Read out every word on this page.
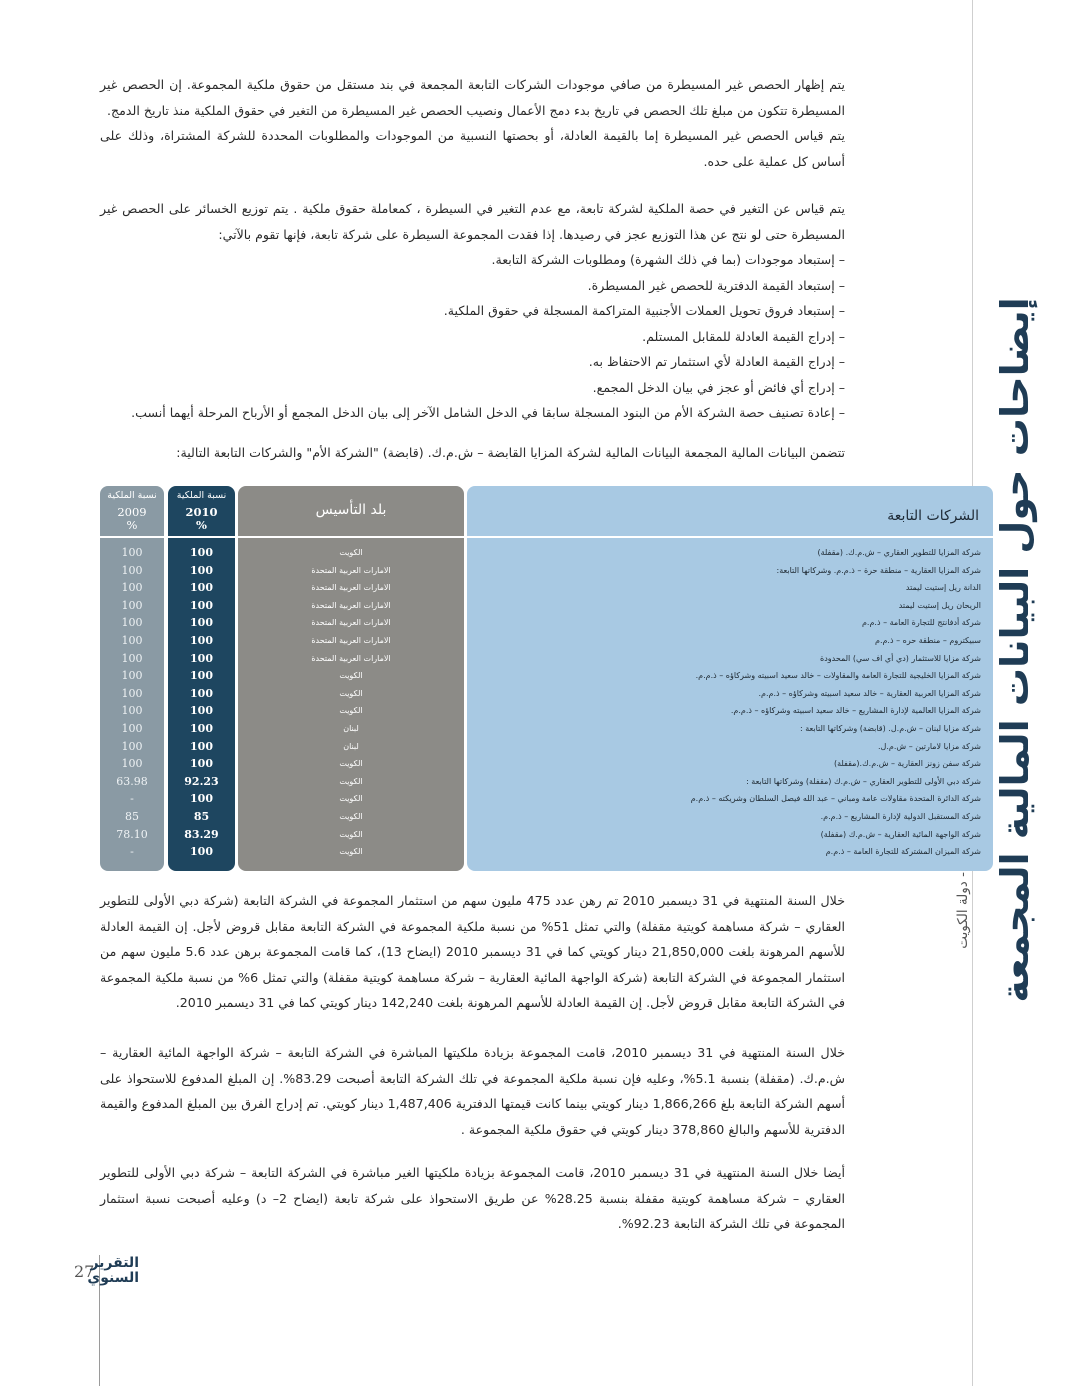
إيضاحات حول البيانات المالية المجمعة

يتم إظهار الحصص غير المسيطرة من صافي موجودات الشركات التابعة المجمعة في بند مستقل من حقوق ملكية المجموعة. إن الحصص غير المسيطرة تتكون من مبلغ تلك الحصص في تاريخ بدء دمج الأعمال ونصيب الحصص غير المسيطرة من التغير في حقوق الملكية منذ تاريخ الدمج.

يتم قياس الحصص غير المسيطرة إما بالقيمة العادلة، أو بحصتها النسبية من الموجودات والمطلوبات المحددة للشركة المشتراة، وذلك على أساس كل عملية على حده.

يتم قياس عن التغير في حصة الملكية لشركة تابعة، مع عدم التغير في السيطرة ، كمعاملة حقوق ملكية . يتم توزيع الخسائر على الحصص غير المسيطرة حتى لو نتج عن هذا التوزيع عجز في رصيدها. إذا فقدت المجموعة السيطرة على شركة تابعة، فإنها تقوم بالآتي:

– إستبعاد موجودات (بما في ذلك الشهرة) ومطلوبات الشركة التابعة.
– إستبعاد القيمة الدفترية للحصص غير المسيطرة.
– إستبعاد فروق تحويل العملات الأجنبية المتراكمة المسجلة في حقوق الملكية.
– إدراج القيمة العادلة للمقابل المستلم.
– إدراج القيمة العادلة لأي استثمار تم الاحتفاظ به.
– إدراج أي فائض أو عجز في بيان الدخل المجمع.
– إعادة تصنيف حصة الشركة الأم من البنود المسجلة سابقا في الدخل الشامل الآخر إلى بيان الدخل المجمع أو الأرباح المرحلة أيهما أنسب.

تتضمن البيانات المالية المجمعة البيانات المالية لشركة المزايا القابضة – ش.م.ك. (قابضة) "الشركة الأم" والشركات التابعة التالية:

نسبة الملكية
2009
%
100
100
100
100
100
100
100
100
100
100
100
100
100
63.98
-
85
78.10
-
نسبة الملكية
2010
%
100
100
100
100
100
100
100
100
100
100
100
100
100
92.23
100
85
83.29
100
بلد التأسيس
الكويت
الامارات العربية المتحدة
الامارات العربية المتحدة
الامارات العربية المتحدة
الامارات العربية المتحدة
الامارات العربية المتحدة
الامارات العربية المتحدة
الكويت
الكويت
الكويت
لبنان
لبنان
الكويت
الكويت
الكويت
الكويت
الكويت
الكويت
الشركات التابعة
شركة المزايا للتطوير العقاري – ش.م.ك. (مقفلة)
شركة المزايا العقارية – منطقة حرة – ذ.م.م. وشركاتها التابعة:
الدانة ريل إستيت ليمتد
الريحان ريل إستيت ليمتد
شركة أدفانتج للتجارة العامة – ذ.م.م
سبيكتروم – منطقة حره – ذ.م.م
شركة مزايا للاستثمار (دي أي اف سي) المحدودة
شركة المزايا الخليجية للتجارة العامة والمقاولات – خالد سعيد اسبيته وشركاؤه – ذ.م.م.
شركة المزايا العربية العقارية – خالد سعيد اسبيته وشركاؤه – ذ.م.م.
شركة المزايا العالمية لإدارة المشاريع – خالد سعيد اسبيته وشركاؤه – ذ.م.م.
شركة مزايا لبنان – ش.م.ل. (قابضة) وشركاتها التابعة :
شركة مزايا لامارتين – ش.م.ل.
شركة سفن زونز العقارية – ش.م.ك.(مقفلة)
شركة دبي الأولى للتطوير العقاري – ش.م.ك (مقفلة) وشركاتها التابعة :
شركة الدائرة المتحدة مقاولات عامة ومباني – عبد الله فيصل السلطان وشريكته – ذ.م.م
شركة المستقبل الدولية لإدارة المشاريع – ذ.م.م.
شركة الواجهة المائية العقارية – ش.م.ك (مقفلة)
شركة الميزان المشتركة للتجارة العامة – ذ.م.م

خلال السنة المنتهية في 31 ديسمبر 2010 تم رهن عدد 475 مليون سهم من استثمار المجموعة في الشركة التابعة (شركة دبي الأولى للتطوير العقاري – شركة مساهمة كويتية مقفلة) والتي تمثل 51% من نسبة ملكية المجموعة في الشركة التابعة مقابل قروض لأجل. إن القيمة العادلة للأسهم المرهونة بلغت 21,850,000 دينار كويتي كما في 31 ديسمبر 2010 (ايضاح 13)، كما قامت المجموعة برهن عدد 5.6 مليون سهم من استثمار المجموعة في الشركة التابعة (شركة الواجهة المائية العقارية – شركة مساهمة كويتية مقفلة) والتي تمثل 6% من نسبة ملكية المجموعة في الشركة التابعة مقابل قروض لأجل. إن القيمة العادلة للأسهم المرهونة بلغت 142,240 دينار كويتي كما في 31 ديسمبر 2010.

خلال السنة المنتهية في 31 ديسمبر 2010، قامت المجموعة بزيادة ملكيتها المباشرة في الشركة التابعة – شركة الواجهة المائية العقارية – ش.م.ك. (مقفلة) بنسبة 5.1%، وعليه فإن نسبة ملكية المجموعة في تلك الشركة التابعة أصبحت 83.29%. إن المبلغ المدفوع للاستحواذ على أسهم الشركة التابعة بلغ 1,866,266 دينار كويتي بينما كانت قيمتها الدفترية 1,487,406 دينار كويتي. تم إدراج الفرق بين المبلغ المدفوع والقيمة الدفترية للأسهم والبالغ 378,860 دينار كويتي في حقوق ملكية المجموعة .

أيضا خلال السنة المنتهية في 31 ديسمبر 2010، قامت المجموعة بزيادة ملكيتها الغير مباشرة في الشركة التابعة – شركة دبي الأولى للتطوير العقاري – شركة مساهمة كويتية مقفلة بنسبة 28.25% عن طريق الاستحواذ على شركة تابعة (ايضاح 2– د) وعليه أصبحت نسبة استثمار المجموعة في تلك الشركة التابعة 92.23%.

27
التقرير
السنوي
